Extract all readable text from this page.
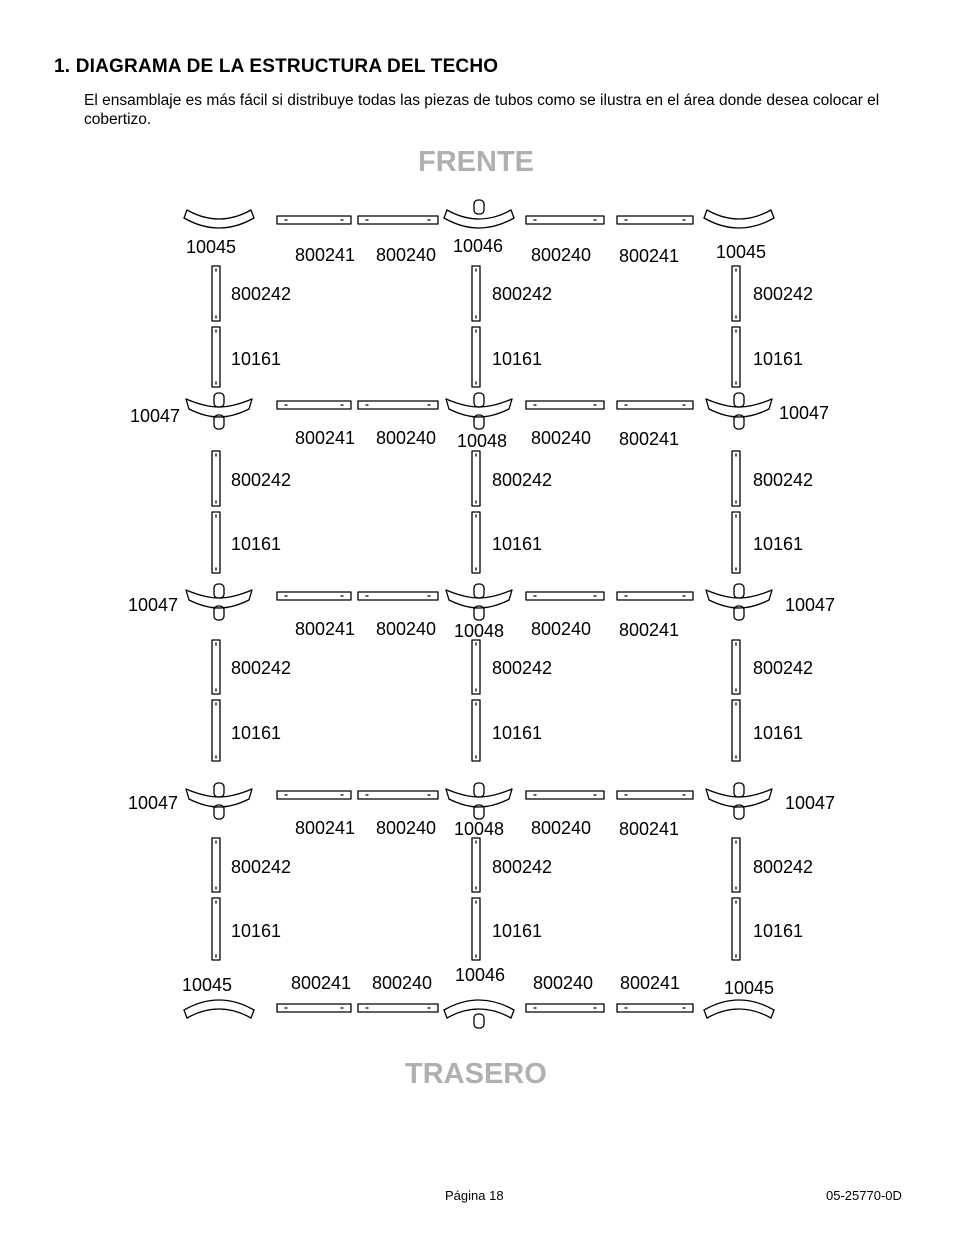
1. DIAGRAMA DE LA ESTRUCTURA DEL TECHO
El ensamblaje es más fácil si distribuye todas las piezas de tubos como se ilustra en el área donde desea colocar el cobertizo.
FRENTE
TRASERO
10045	10046	10045
800241 800240	800240 800241
10047
10048
10047
800241 800240	800240 800241
10047
10048
10047
800241 800240	800240 800241
10047
10048
10047
800241 800240	800240 800241
10045	10046
10045
800241 800240	800240 800241
800242
10161
800242
10161
800242
10161
800242
10161
800242
10161
800242
10161
800242
10161
800242
10161
800242
10161
800242
10161
800242
10161
800242
10161
Página 18	05-25770-0D
